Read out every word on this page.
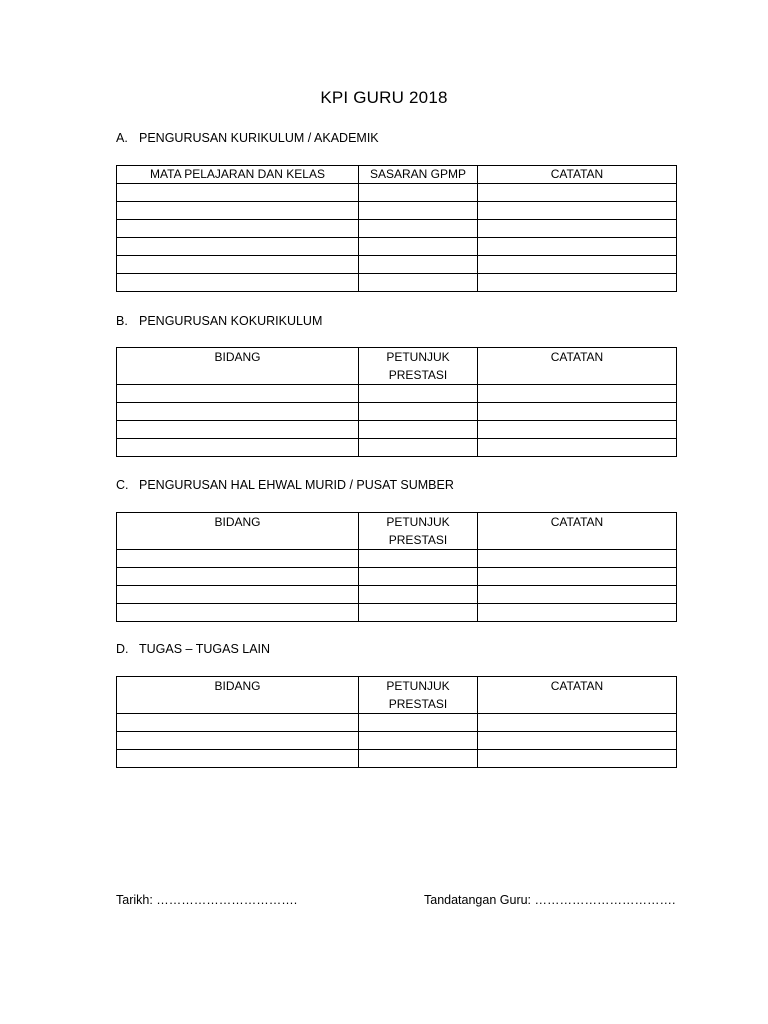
KPI GURU 2018
A. PENGURUSAN KURIKULUM / AKADEMIK
MATA PELAJARAN DAN KELAS	SASARAN GPMP	CATATAN

B. PENGURUSAN KOKURIKULUM
BIDANG	PETUNJUK PRESTASI	CATATAN

C. PENGURUSAN HAL EHWAL MURID / PUSAT SUMBER
BIDANG	PETUNJUK PRESTASI	CATATAN

D. TUGAS – TUGAS LAIN
BIDANG	PETUNJUK PRESTASI	CATATAN

Tarikh: …………………………….	Tandatangan Guru: …………………………….
